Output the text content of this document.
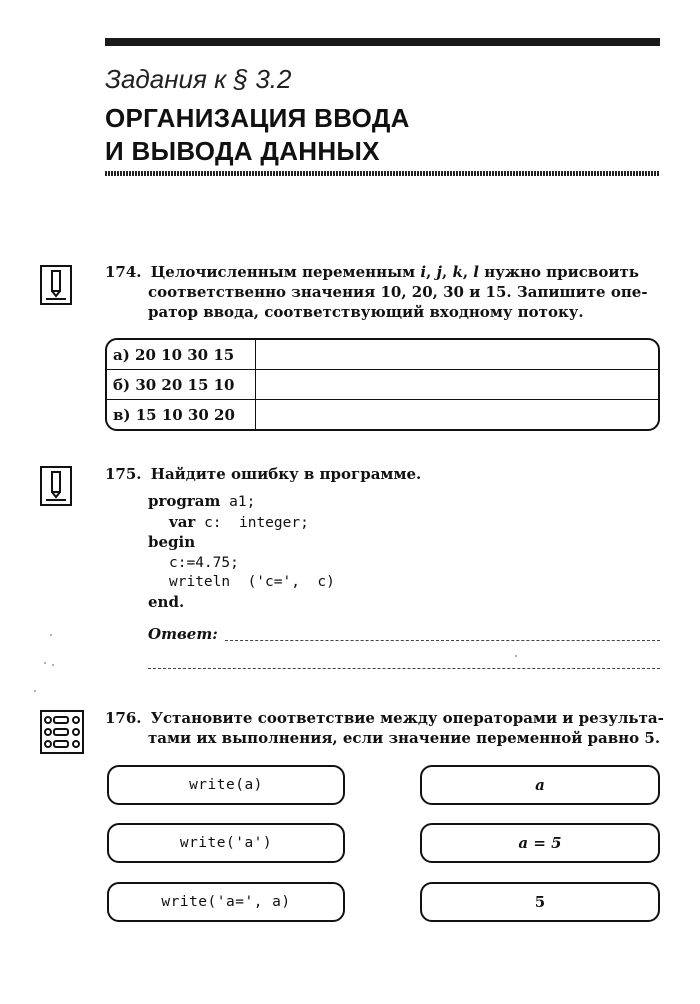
Задания к § 3.2
ОРГАНИЗАЦИЯ ВВОДА
И ВЫВОДА ДАННЫХ
174. Целочисленным переменным i, j, k, l нужно присвоить
соответственно значения 10, 20, 30 и 15. Запишите опе-
ратор ввода, соответствующий входному потоку.
а) 20 10 30 15	
б) 30 20 15 10	
в) 15 10 30 20	
175. Найдите ошибку в программе.
program a1;
var c:  integer;
begin
c:=4.75;
writeln  ('c=',  c)
end.
Ответ:
176. Установите соответствие между операторами и результа-
тами их выполнения, если значение переменной равно 5.
write(a)
write('a')
write('a=', a)
a
a = 5
5
